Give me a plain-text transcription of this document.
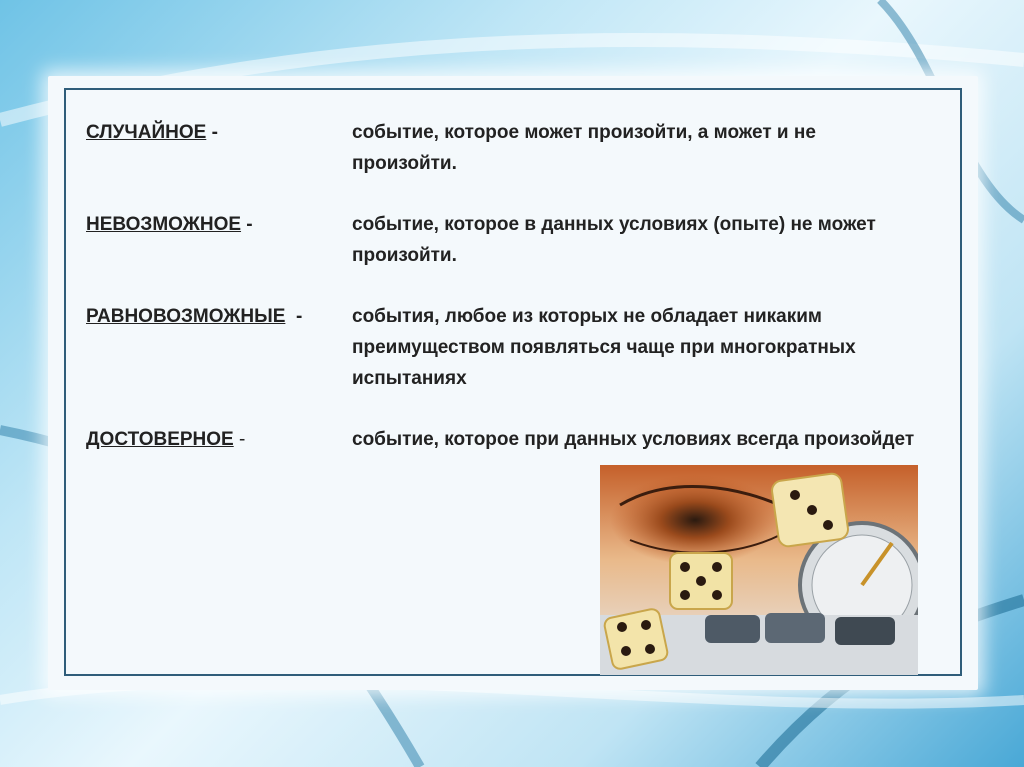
СЛУЧАЙНОЕ -	событие, которое может произойти, а может и не произойти.
НЕВОЗМОЖНОЕ -	событие, которое в данных условиях (опыте) не может произойти.
РАВНОВОЗМОЖНЫЕ  -	события, любое из которых не обладает никаким преимуществом появляться чаще при многократных испытаниях
ДОСТОВЕРНОЕ -	событие, которое при данных условиях всегда произойдет
